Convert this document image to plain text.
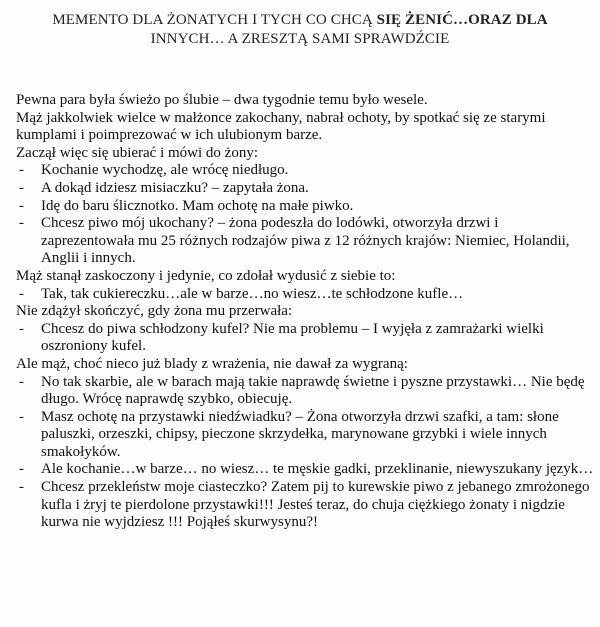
MEMENTO DLA ŻONATYCH I TYCH CO CHCĄ SIĘ ŻENIĆ…ORAZ DLA
INNYCH… A ZRESZTĄ SAMI SPRAWDŹCIE

Pewna para była świeżo po ślubie – dwa tygodnie temu było wesele.

Mąż jakkolwiek wielce w małżonce zakochany, nabrał ochoty, by spotkać się ze starymi kumplami i poimprezować w ich ulubionym barze.

Zaczął więc się ubierać i mówi do żony:

- Kochanie wychodzę, ale wrócę niedługo.
- A dokąd idziesz misiaczku? – zapytała żona.
- Idę do baru ślicznotko. Mam ochotę na małe piwko.
- Chcesz piwo mój ukochany? – żona podeszła do lodówki, otworzyła drzwi i zaprezentowała mu 25 różnych rodzajów piwa z 12 różnych krajów: Niemiec, Holandii, Anglii i innych.

Mąż stanął zaskoczony i jedynie, co zdołał wydusić z siebie to:

- Tak, tak cukiereczku…ale w barze…no wiesz…te schłodzone kufle…

Nie zdążył skończyć, gdy żona mu przerwała:

- Chcesz do piwa schłodzony kufel? Nie ma problemu – I wyjęła z zamrażarki wielki oszroniony kufel.

Ale mąż, choć nieco już blady z wrażenia, nie dawał za wygraną:

- No tak skarbie, ale w barach mają takie naprawdę świetne i pyszne przystawki… Nie będę długo. Wrócę naprawdę szybko, obiecuję.
- Masz ochotę na przystawki niedźwiadku? – Żona otworzyła drzwi szafki, a tam: słone paluszki, orzeszki, chipsy, pieczone skrzydełka, marynowane grzybki i wiele innych smakołyków.
- Ale kochanie…w barze… no wiesz… te męskie gadki, przeklinanie, niewyszukany język…
- Chcesz przekleństw moje ciasteczko? Zatem pij to kurewskie piwo z jebanego zmrożonego kufla i żryj te pierdolone przystawki!!! Jesteś teraz, do chuja ciężkiego żonaty i nigdzie kurwa nie wyjdziesz !!! Pojąłeś skurwysynu?!
